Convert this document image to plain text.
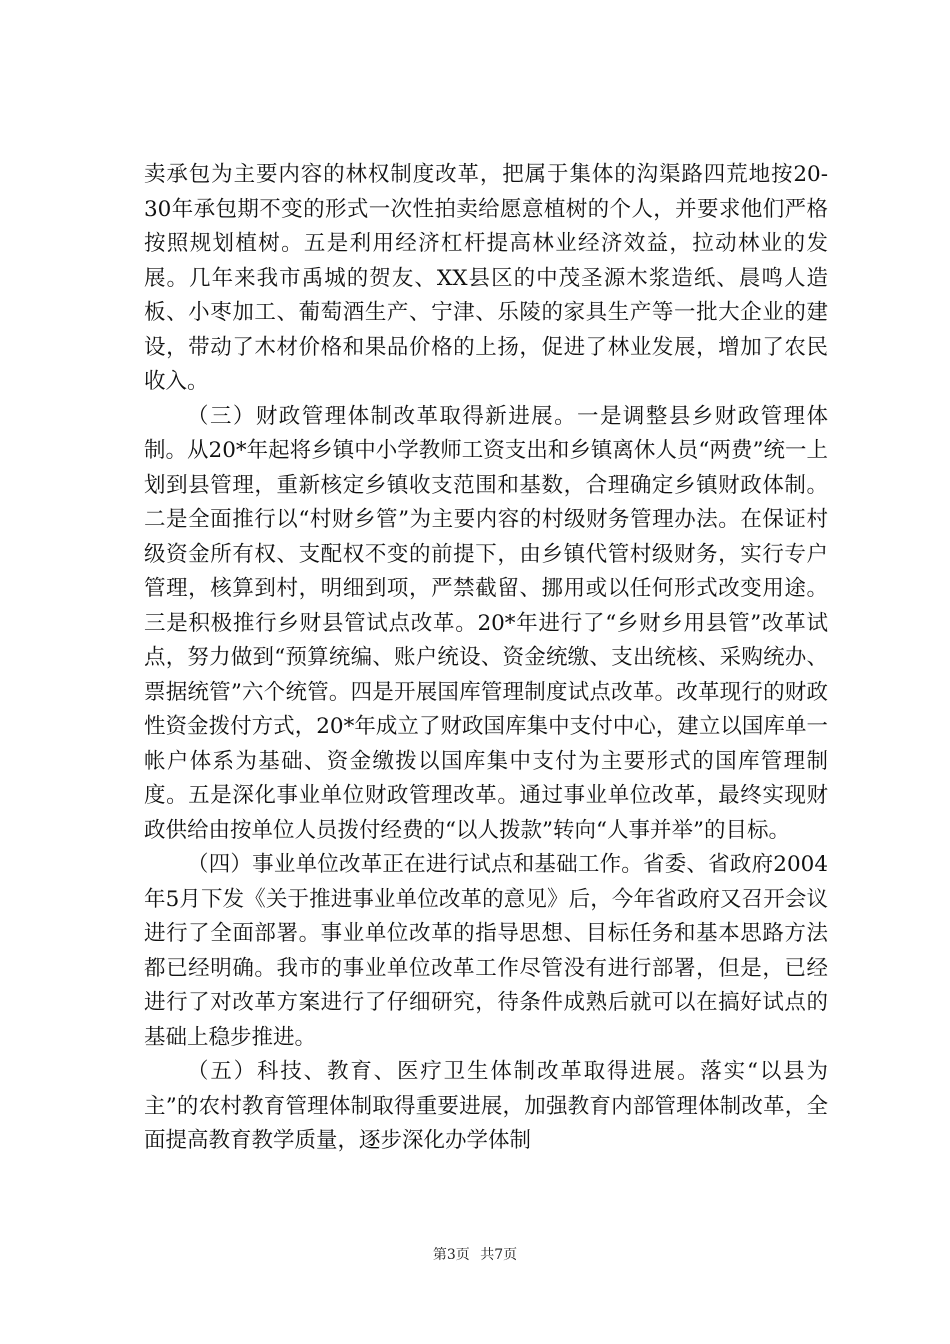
卖承包为主要内容的林权制度改革，把属于集体的沟渠路四荒地按20-30年承包期不变的形式一次性拍卖给愿意植树的个人，并要求他们严格按照规划植树。五是利用经济杠杆提高林业经济效益，拉动林业的发展。几年来我市禹城的贺友、XX县区的中茂圣源木浆造纸、晨鸣人造板、小枣加工、葡萄酒生产、宁津、乐陵的家具生产等一批大企业的建设，带动了木材价格和果品价格的上扬，促进了林业发展，增加了农民收入。

（三）财政管理体制改革取得新进展。一是调整县乡财政管理体制。从20*年起将乡镇中小学教师工资支出和乡镇离休人员“两费”统一上划到县管理，重新核定乡镇收支范围和基数，合理确定乡镇财政体制。二是全面推行以“村财乡管”为主要内容的村级财务管理办法。在保证村级资金所有权、支配权不变的前提下，由乡镇代管村级财务，实行专户管理，核算到村，明细到项，严禁截留、挪用或以任何形式改变用途。三是积极推行乡财县管试点改革。20*年进行了“乡财乡用县管”改革试点，努力做到“预算统编、账户统设、资金统缴、支出统核、采购统办、票据统管”六个统管。四是开展国库管理制度试点改革。改革现行的财政性资金拨付方式，20*年成立了财政国库集中支付中心，建立以国库单一帐户体系为基础、资金缴拨以国库集中支付为主要形式的国库管理制度。五是深化事业单位财政管理改革。通过事业单位改革，最终实现财政供给由按单位人员拨付经费的“以人拨款”转向“人事并举”的目标。

（四）事业单位改革正在进行试点和基础工作。省委、省政府2004年5月下发《关于推进事业单位改革的意见》后，今年省政府又召开会议进行了全面部署。事业单位改革的指导思想、目标任务和基本思路方法都已经明确。我市的事业单位改革工作尽管没有进行部署，但是，已经进行了对改革方案进行了仔细研究，待条件成熟后就可以在搞好试点的基础上稳步推进。

（五）科技、教育、医疗卫生体制改革取得进展。落实“以县为主”的农村教育管理体制取得重要进展，加强教育内部管理体制改革，全面提高教育教学质量，逐步深化办学体制

第3页 共7页
